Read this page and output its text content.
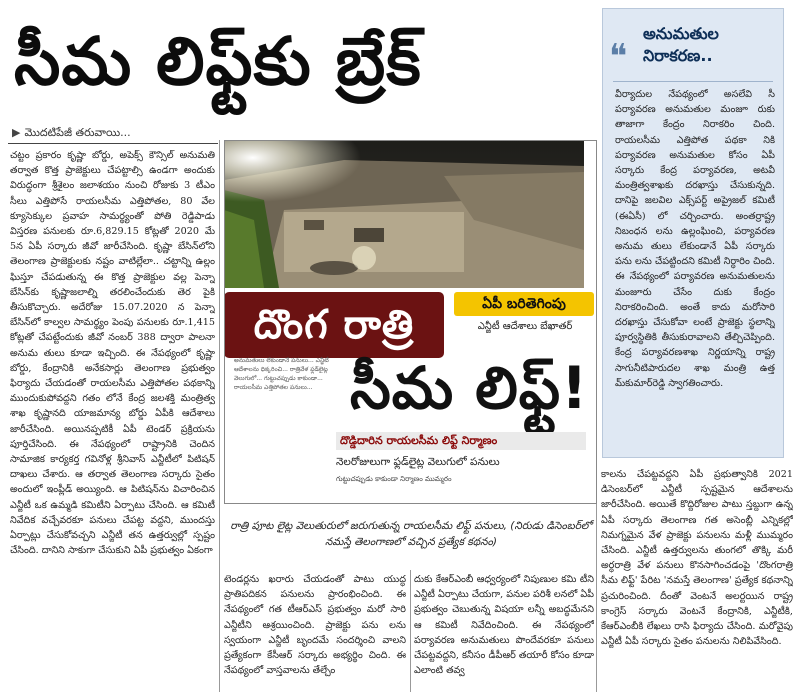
సీమ లిఫ్ట్‌కు బ్రేక్
▶ మొదటిపేజీ తరువాయి...
చట్టం ప్రకారం కృష్ణా బోర్డు, అపెక్స్ కౌన్సిల్ అనుమతి తర్వాత కొత్త ప్రాజెక్టులు చేపట్టాల్సి ఉండగా అందుకు విరుద్ధంగా శ్రీశైలం జలాశయం నుంచి రోజుకు 3 టీఎం సీలు ఎత్తిపోసే రాయలసీమ ఎత్తిపోతల, 80 వేల క్యూసెక్కుల ప్రవాహ సామర్థ్యంతో పోతి రెడ్డిపాడు విస్తరణ పనులకు రూ.6,829.15 కోట్లతో 2020 మే 5న ఏపీ సర్కారు జీవో జారీచేసింది. కృష్ణా బేసిన్‌లోని తెలంగాణ ప్రాజెక్టులకు నష్టం వాటిల్లేలా.. చట్టాన్ని ఉల్లం ఘిస్తూ చేపడుతున్న ఈ కొత్త ప్రాజెక్టుల వల్ల పెన్నా బేసిన్‌కు కృష్ణాజలాల్ని తరలించేందుకు తెర పైకి తీసుకొచ్చారు. అదేరోజు 15.07.2020 న పెన్నా బేసిన్‌లో కాల్వల సామర్థ్యం పెంపు పనులకు రూ.1,415 కోట్లతో చేపట్టేందుకు జీవో నంబర్ 388 ద్వారా పాలనా అనుమ తులు కూడా ఇచ్చింది. ఈ నేపథ్యంలో కృష్ణా బోర్డు, కేంద్రానికి అనేకసార్లు తెలంగాణ ప్రభుత్వం ఫిర్యాదు చేయడంతో రాయలసీమ ఎత్తిపోతల పథకాన్ని ముందుకుపోవద్దని గతం లోనే కేంద్ర జలశక్తి మంత్రిత్వ శాఖ కృష్ణానది యాజమాన్య బోర్డు ఏపీకి ఆదేశాలు జారీచేసింది. అయినప్పటికీ ఏపీ టెండర్ ప్రక్రియను పూర్తిచేసింది. ఈ నేపథ్యంలో రాష్ట్రానికి చెందిన సామాజిక కార్యకర్త గవినోళ్ల శ్రీనివాస్ ఎన్జీటీలో పిటిషన్ దాఖలు చేశారు. ఆ తర్వాత తెలంగాణ సర్కారు సైతం అందులో ఇంప్లీడ్ అయ్యింది. ఆ పిటిషన్‌ను విచారించిన ఎన్జీటీ ఒక ఉమ్మడి కమిటీని ఏర్పాటు చేసింది. ఆ కమిటీ నివేదిక వచ్చేవరకూ పనులు చేపట్ట వద్దని, ముందస్తు ఏర్పాట్లు చేసుకోవచ్చని ఎన్జీటీ తన ఉత్తర్వుల్లో స్పష్టం చేసింది. దానిని సాకుగా చేసుకుని ఏపీ ప్రభుత్వం ఏకంగా
దొంగ రాత్రి	ఏపీ బరితెగింపు
ఎన్జీటీ ఆదేశాలు బేఖాతర్
అనుమతులు లేకుండానే పనులు... ఎన్జీటీ ఆదేశాలను ధిక్కరించి... రాత్రివేళ ఫ్లడ్‌లైట్ల వెలుగులో... గుట్టుచప్పుడు కాకుండా... రాయలసీమ ఎత్తిపోతల పనులు... సీమ లిఫ్ట్!
దొడ్డిదారిన రాయలసీమ లిఫ్ట్ నిర్మాణం
నెలరోజులుగా ఫ్లడ్‌లైట్ల వెలుగులో పనులు
గుట్టుచప్పుడు కాకుండా నిర్మాణం ముమ్మరం
రాత్రి పూట లైట్ల వెలుతురులో జరుగుతున్న రాయలసీమ లిఫ్ట్ పనులు, (నిరుడు డిసెంబర్‌లో నమస్తే తెలంగాణలో వచ్చిన ప్రత్యేక కథనం)
టెండర్లను ఖరారు చేయడంతో పాటు యుద్ధ ప్రాతిపదికన పనులను ప్రారంభించింది. ఈ నేపథ్యంలో గత టీఆర్ఎస్ ప్రభుత్వం మరో సారి ఎన్జీటీని ఆశ్రయించింది. ప్రాజెక్టు పను లను స్వయంగా ఎన్జీటీ బృందమే సందర్శించి వాలని ప్రత్యేకంగా కేసీఆర్ సర్కారు అభ్యర్థిం చింది. ఈ నేపథ్యంలో వాస్తవాలను తేల్చేం
దుకు కేఆర్ఎంబీ ఆధ్వర్యంలో నిపుణుల కమి టీని ఎన్జీటీ ఏర్పాటు చేయగా, పనుల పరిశీ లనలో ఏపీ ప్రభుత్వం చెబుతున్న విషయా లన్నీ అబద్ధమేనని ఆ కమిటీ నివేదించింది. ఈ నేపథ్యంలో పర్యావరణ అనుమతులు పొందేవరకూ పనులు చేపట్టవద్దని, కనీసం డీపీఆర్ తయారీ కోసం కూడా ఎలాంటి తవ్వ
కాలను చేపట్టవద్దని ఏపీ ప్రభుత్వానికి 2021 డిసెంబర్‌లో ఎన్జీటీ స్పష్టమైన ఆదేశాలను జారీచేసింది. అయితే కొద్దిరోజుల పాటు స్తబ్దుగా ఉన్న ఏపీ సర్కారు తెలంగాణ గత అసెంబ్లీ ఎన్నికల్లో నిమగ్నమైన వేళ ప్రాజెక్టు పనులను మళ్లీ ముమ్మరం చేసింది. ఎన్జీటీ ఉత్తర్వులను తుంగలో తొక్కి మరీ అర్ధరాత్రి వేళ పనులు కొనసాగించడంపై 'దొంగరాత్రి సీమ లిఫ్ట్' పేరిట 'నమస్తే తెలంగాణ' ప్రత్యేక కథనాన్ని ప్రచురించింది. దీంతో వెంటనే అలర్టయిన రాష్ట్ర కాంగ్రెస్ సర్కారు వెంటనే కేంద్రానికి, ఎన్జీటీకి, కేఆర్ఎంబీకి లేఖలు రాసి ఫిర్యాదు చేసింది. మరోవైపు ఎన్జీటీ ఏపీ సర్కారు సైతం పనులను నిలిపివేసింది.
❝
అనుమతుల నిరాకరణ..
వీర్యాదుల నేపథ్యంలో అసలేవి సీ పర్యావరణ అనుమతుల మంజూ రుకు తాజాగా కేంద్రం నిరాకరిం చింది. రాయలసీమ ఎత్తిపోత పథకా నికి పర్యావరణ అనుమతుల కోసం ఏపీ సర్కారు కేంద్ర పర్యావరణ, అటవీ మంత్రిత్వశాఖకు దరఖాస్తు చేసుకున్నది. దానిపై జలవిల ఎక్స్‌పర్ట్ అప్రైజల్ కమిటీ (ఈఏసీ) లో చర్చించారు. అంతర్రాష్ట్ర నిబంధన లను ఉల్లంఘించి, పర్యావరణ అనుమ తులు లేకుండానే ఏపీ సర్కారు పను లను చేపట్టిందని కమిటీ నిర్ధారిం చింది. ఈ నేపథ్యంలో పర్యావరణ అనుమతులను మంజూరు చేసేం దుకు కేంద్రం నిరాకరించింది. అంతే కాదు మరోసారి దరఖాస్తు చేసుకోవా లంటే ప్రాజెక్టు స్థలాన్ని పూర్వస్థితికి తీసుకురావాలని తేల్చిచెప్పింది. కేంద్ర పర్యావరణశాఖ నిర్ణయాన్ని రాష్ట్ర సాగునీటిపారుదల శాఖ మంత్రి ఉత్త మ్‌కుమార్‌రెడ్డి స్వాగతించారు.
